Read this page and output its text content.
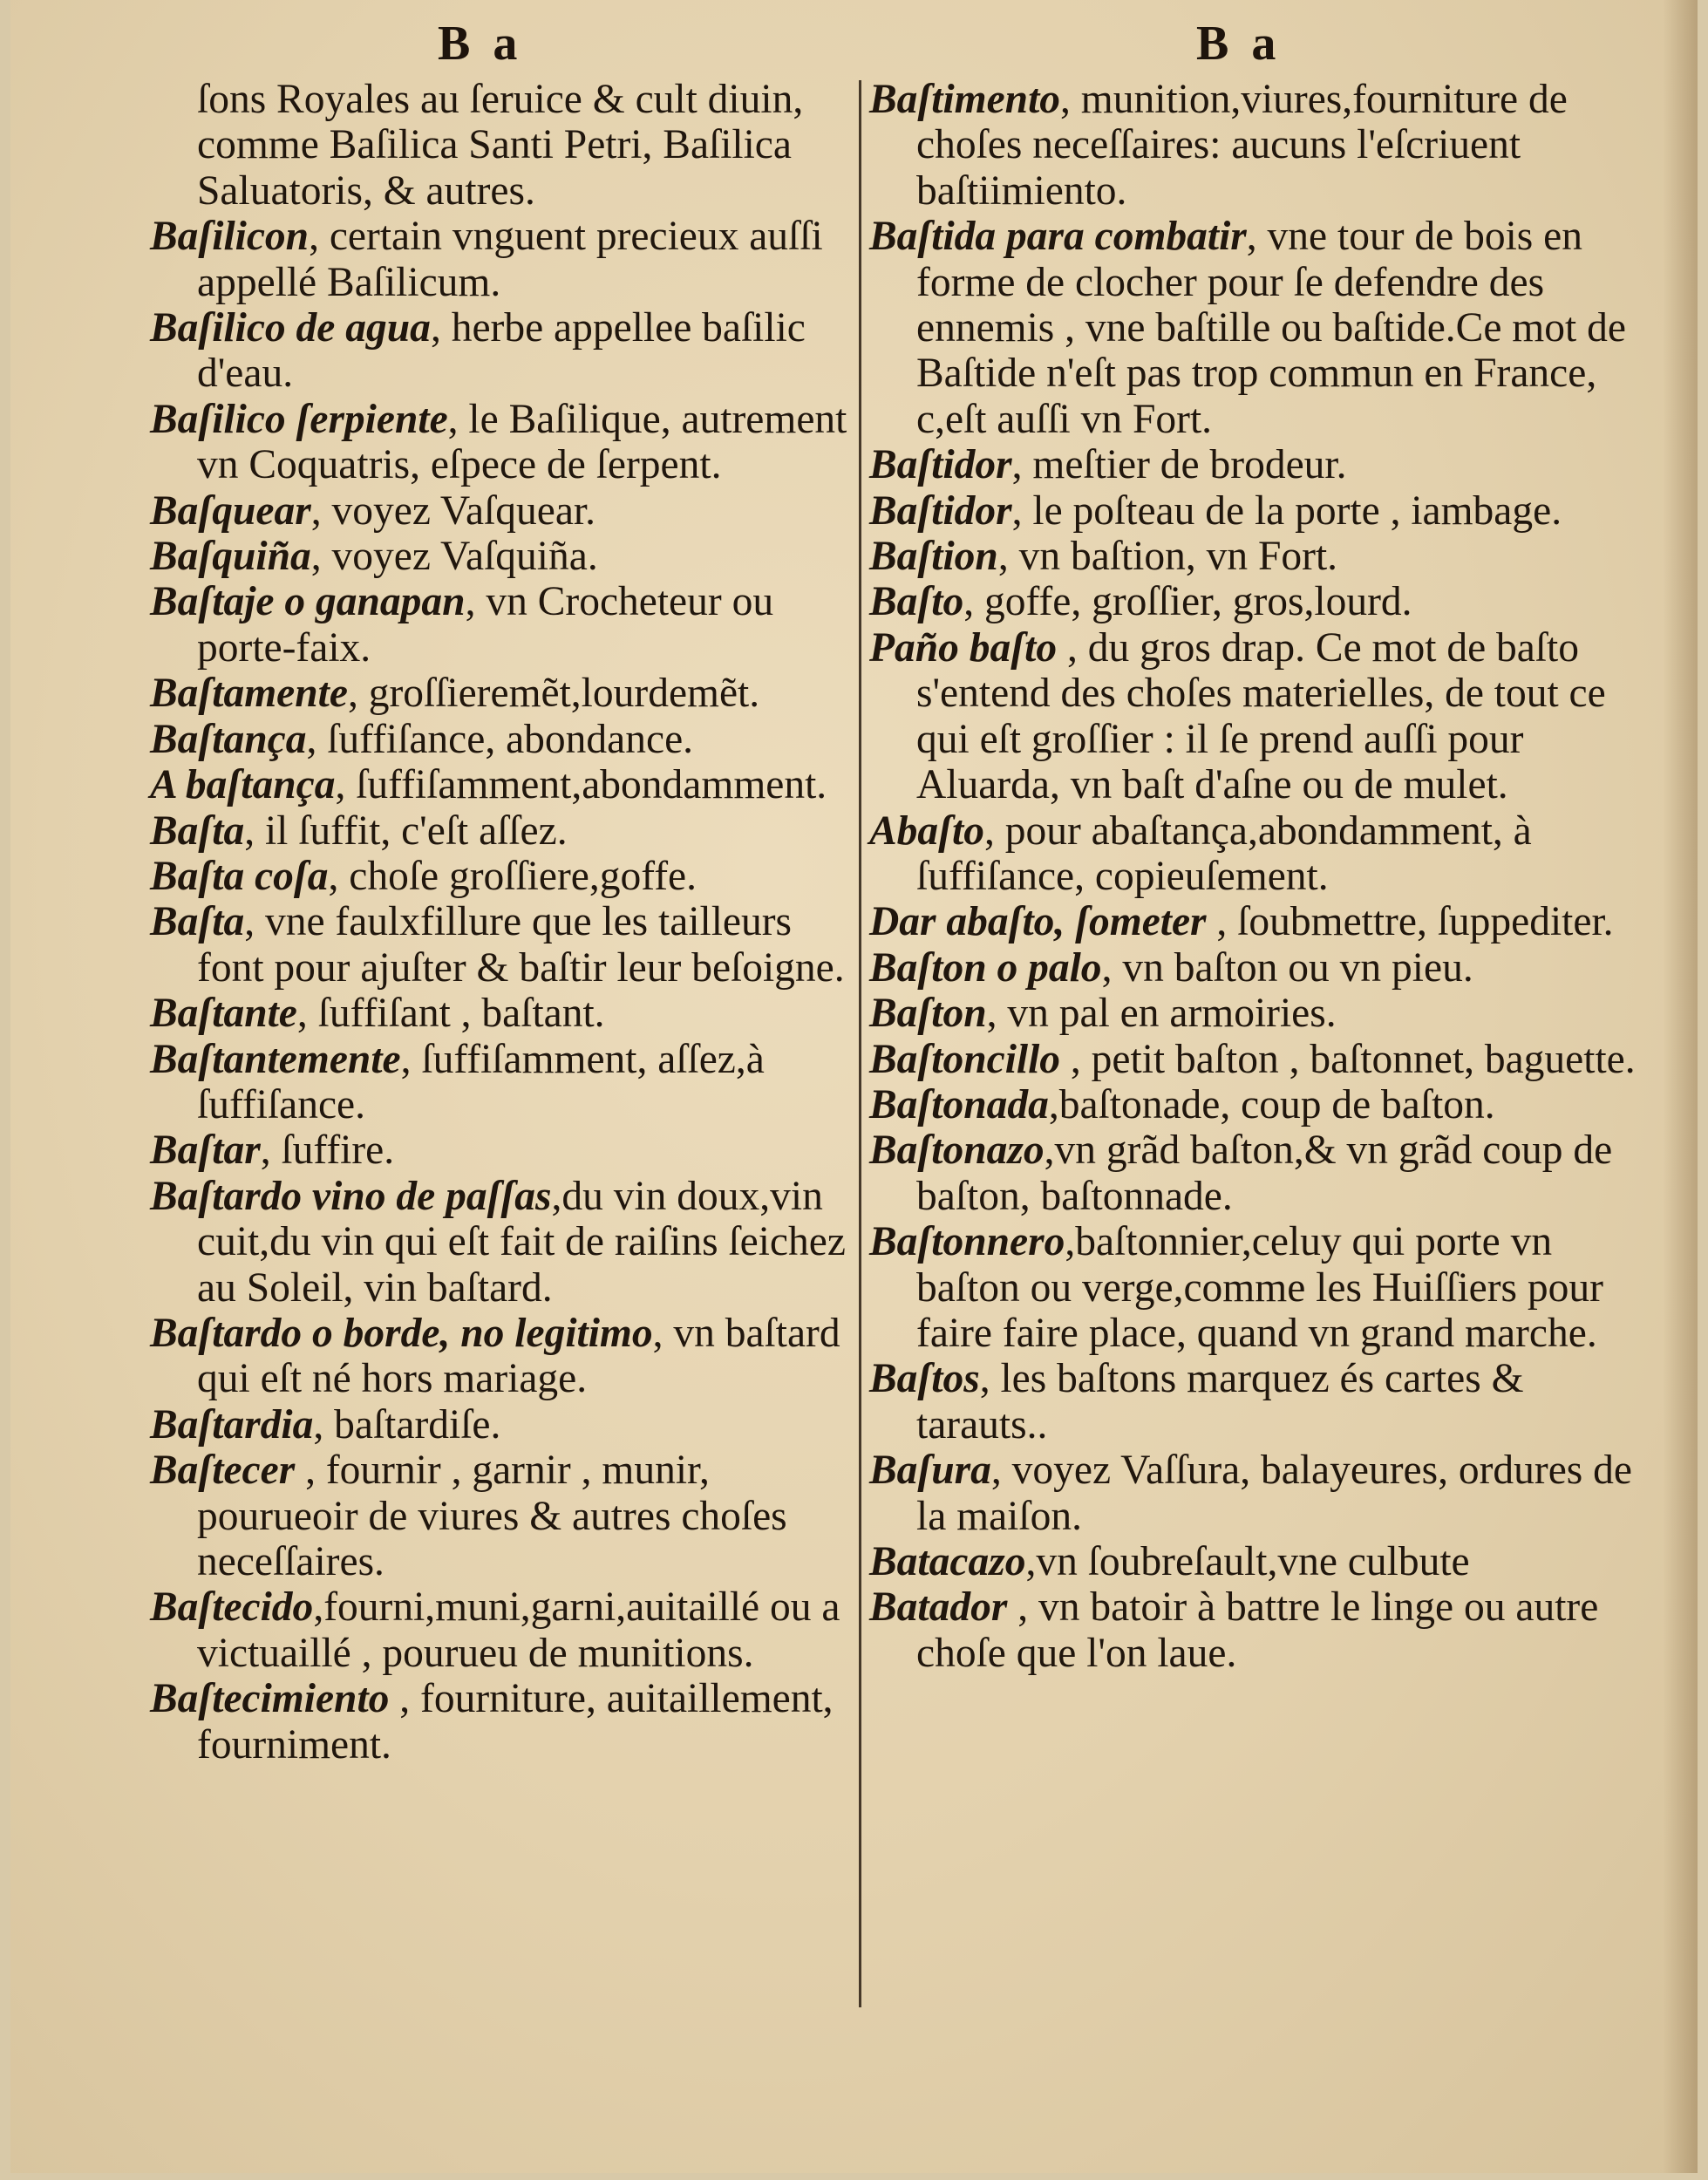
B a	B a

ſons Royales au ſeruice & cult diuin, comme Baſilica Santi Petri, Baſilica Saluatoris, & autres.

Baſilicon, certain vnguent precieux auſſi appellé Baſilicum.

Baſilico de agua, herbe appellee baſilic d'eau.

Baſilico ſerpiente, le Baſilique, autrement vn Coquatris, eſpece de ſerpent.

Baſquear, voyez Vaſquear.

Baſquiña, voyez Vaſquiña.

Baſtaje o ganapan, vn Crocheteur ou porte-faix.

Baſtamente, groſſieremẽt,lourdemẽt.

Baſtança, ſuffiſance, abondance.

A baſtança, ſuffiſamment,abondamment.

Baſta, il ſuffit, c'eſt aſſez.

Baſta coſa, choſe groſſiere,goffe.

Baſta, vne faulxfillure que les tailleurs font pour ajuſter & baſtir leur beſoigne.

Baſtante, ſuffiſant , baſtant.

Baſtantemente, ſuffiſamment, aſſez,à ſuffiſance.

Baſtar, ſuffire.

Baſtardo vino de paſſas,du vin doux,vin cuit,du vin qui eſt fait de raiſins ſeichez au Soleil, vin baſtard.

Baſtardo o borde, no legitimo, vn baſtard qui eſt né hors mariage.

Baſtardia, baſtardiſe.

Baſtecer , fournir , garnir , munir, pourueoir de viures & autres choſes neceſſaires.

Baſtecido,fourni,muni,garni,auitaillé ou a victuaillé , pourueu de munitions.

Baſtecimiento , fourniture, auitaillement, fourniment.

Baſtimento, munition,viures,fourniture de choſes neceſſaires: aucuns l'eſcriuent baſtiimiento.

Baſtida para combatir, vne tour de bois en forme de clocher pour ſe defendre des ennemis , vne baſtille ou baſtide.Ce mot de Baſtide n'eſt pas trop commun en France, c,eſt auſſi vn Fort.

Baſtidor, meſtier de brodeur.

Baſtidor, le poſteau de la porte , iambage.

Baſtion, vn baſtion, vn Fort.

Baſto, goffe, groſſier, gros,lourd.

Paño baſto , du gros drap. Ce mot de baſto s'entend des choſes materielles, de tout ce qui eſt groſſier : il ſe prend auſſi pour Aluarda, vn baſt d'aſne ou de mulet.

Abaſto, pour abaſtança,abondamment, à ſuffiſance, copieuſement.

Dar abaſto, ſometer , ſoubmettre, ſuppediter.

Baſton o palo, vn baſton ou vn pieu.

Baſton, vn pal en armoiries.

Baſtoncillo , petit baſton , baſtonnet, baguette.

Baſtonada,baſtonade, coup de baſton.

Baſtonazo,vn grãd baſton,& vn grãd coup de baſton, baſtonnade.

Baſtonnero,baſtonnier,celuy qui porte vn baſton ou verge,comme les Huiſſiers pour faire faire place, quand vn grand marche.

Baſtos, les baſtons marquez és cartes & tarauts..

Baſura, voyez Vaſſura, balayeures, ordures de la maiſon.

Batacazo,vn ſoubreſault,vne culbute

Batador , vn batoir à battre le linge ou autre choſe que l'on laue.
